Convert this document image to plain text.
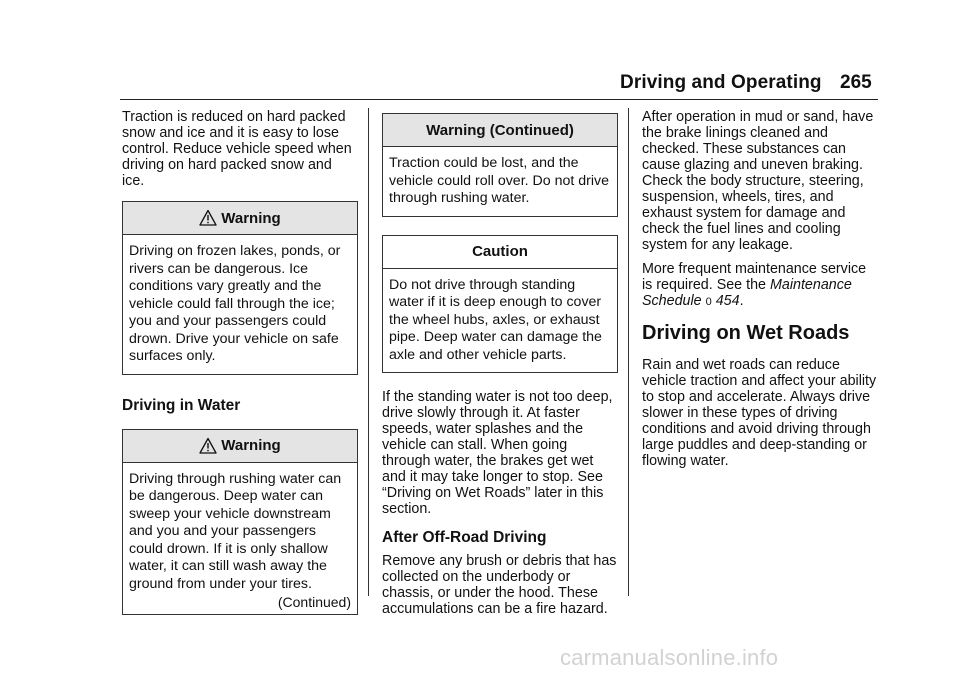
Driving and Operating 265

Traction is reduced on hard packed snow and ice and it is easy to lose control. Reduce vehicle speed when driving on hard packed snow and ice.

Warning

Driving on frozen lakes, ponds, or rivers can be dangerous. Ice conditions vary greatly and the vehicle could fall through the ice; you and your passengers could drown. Drive your vehicle on safe surfaces only.

Driving in Water
Warning

Driving through rushing water can be dangerous. Deep water can sweep your vehicle downstream and you and your passengers could drown. If it is only shallow water, it can still wash away the ground from under your tires.

(Continued)
Warning (Continued)

Traction could be lost, and the vehicle could roll over. Do not drive through rushing water.

Caution

Do not drive through standing water if it is deep enough to cover the wheel hubs, axles, or exhaust pipe. Deep water can damage the axle and other vehicle parts.

If the standing water is not too deep, drive slowly through it. At faster speeds, water splashes and the vehicle can stall. When going through water, the brakes get wet and it may take longer to stop. See “Driving on Wet Roads” later in this section.

After Off-Road Driving

Remove any brush or debris that has collected on the underbody or chassis, or under the hood. These accumulations can be a fire hazard.

After operation in mud or sand, have the brake linings cleaned and checked. These substances can cause glazing and uneven braking. Check the body structure, steering, suspension, wheels, tires, and exhaust system for damage and check the fuel lines and cooling system for any leakage.

More frequent maintenance service is required. See the Maintenance Schedule 0 454.

Driving on Wet Roads

Rain and wet roads can reduce vehicle traction and affect your ability to stop and accelerate. Always drive slower in these types of driving conditions and avoid driving through large puddles and deep-standing or flowing water.

carmanualsonline.info
